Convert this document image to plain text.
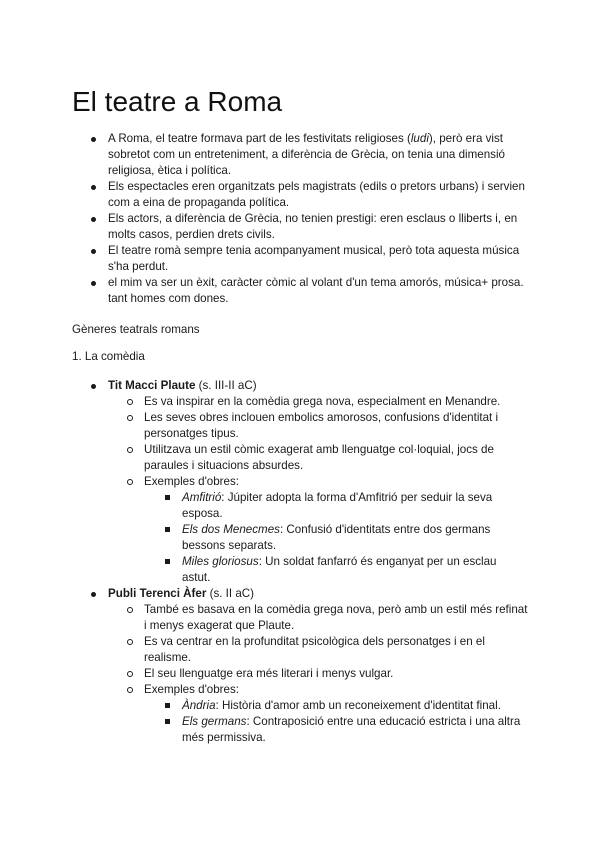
El teatre a Roma
A Roma, el teatre formava part de les festivitats religioses (ludi), però era vist sobretot com un entreteniment, a diferència de Grècia, on tenia una dimensió religiosa, ètica i política.
Els espectacles eren organitzats pels magistrats (edils o pretors urbans) i servien com a eina de propaganda política.
Els actors, a diferència de Grècia, no tenien prestigi: eren esclaus o lliberts i, en molts casos, perdien drets civils.
El teatre romà sempre tenia acompanyament musical, però tota aquesta música s'ha perdut.
el mim va ser un èxit, caràcter còmic al volant d'un tema amorós, música+ prosa. tant homes com dones.
Gèneres teatrals romans
1. La comèdia
Tit Macci Plaute (s. III-II aC)
Es va inspirar en la comèdia grega nova, especialment en Menandre.
Les seves obres inclouen embolics amorosos, confusions d'identitat i personatges tipus.
Utilitzava un estil còmic exagerat amb llenguatge col·loquial, jocs de paraules i situacions absurdes.
Exemples d'obres:
Amfitrió: Júpiter adopta la forma d'Amfitrió per seduir la seva esposa.
Els dos Menecmes: Confusió d'identitats entre dos germans bessons separats.
Miles gloriosus: Un soldat fanfarró és enganyat per un esclau astut.
Publi Terenci Àfer (s. II aC)
També es basava en la comèdia grega nova, però amb un estil més refinat i menys exagerat que Plaute.
Es va centrar en la profunditat psicològica dels personatges i en el realisme.
El seu llenguatge era més literari i menys vulgar.
Exemples d'obres:
Àndria: Història d'amor amb un reconeixement d'identitat final.
Els germans: Contraposició entre una educació estricta i una altra més permissiva.
